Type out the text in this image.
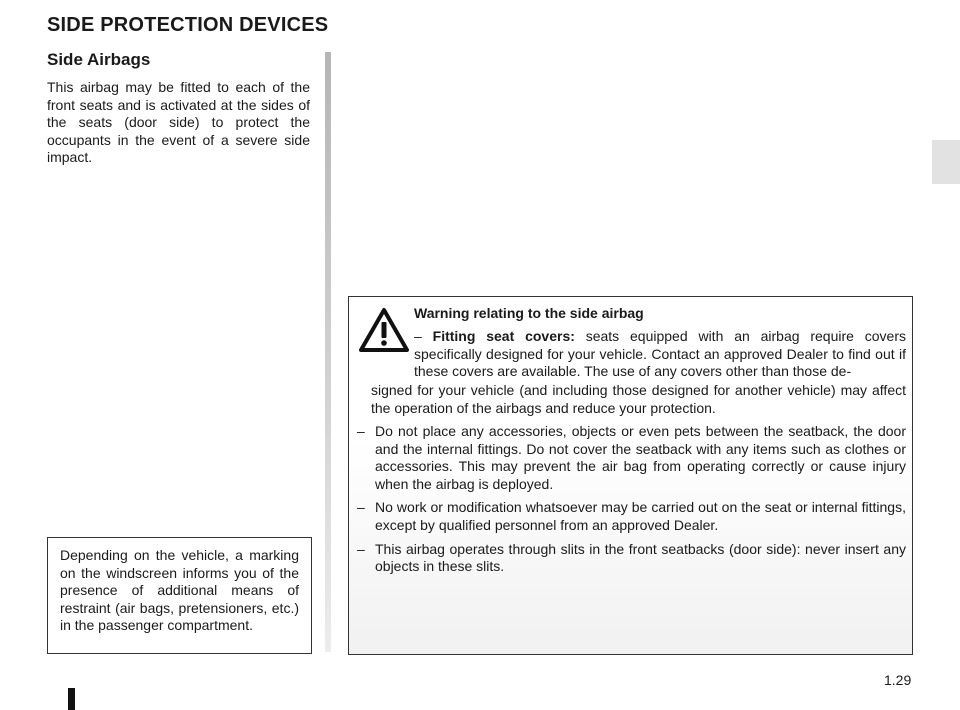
SIDE PROTECTION DEVICES
Side Airbags
This airbag may be fitted to each of the front seats and is activated at the sides of the seats (door side) to protect the occupants in the event of a severe side impact.
Depending on the vehicle, a marking on the windscreen informs you of the presence of additional means of restraint (air bags, pretensioners, etc.) in the passenger compartment.
Warning relating to the side airbag
– Fitting seat covers: seats equipped with an airbag require covers specifically designed for your vehicle. Contact an approved Dealer to find out if these covers are available. The use of any covers other than those de-
signed for your vehicle (and including those designed for another vehicle) may affect the operation of the airbags and reduce your protection.
– Do not place any accessories, objects or even pets between the seatback, the door and the internal fittings. Do not cover the seatback with any items such as clothes or accessories. This may prevent the air bag from operating correctly or cause injury when the airbag is deployed.
– No work or modification whatsoever may be carried out on the seat or internal fittings, except by qualified personnel from an approved Dealer.
– This airbag operates through slits in the front seatbacks (door side): never insert any objects in these slits.
1.29
